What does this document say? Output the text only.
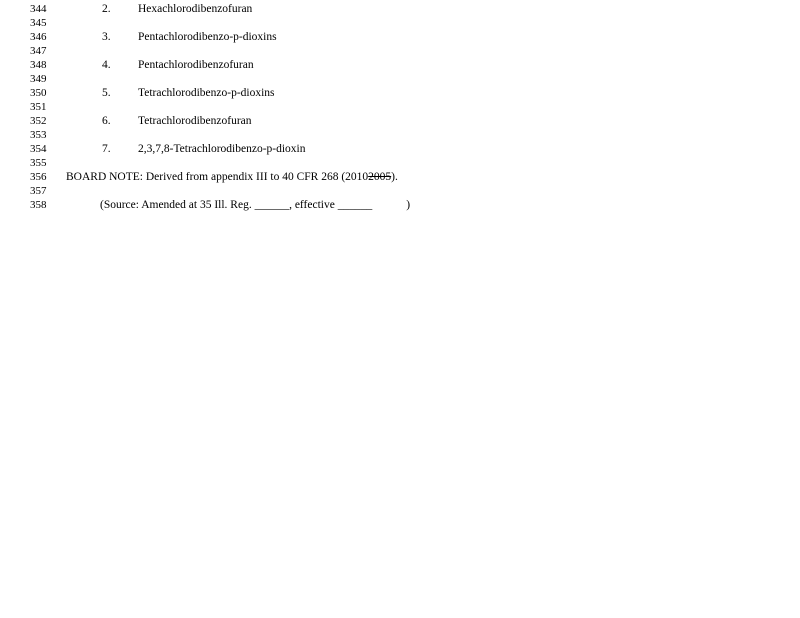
344	2. Hexachlorodibenzofuran
345
346	3. Pentachlorodibenzo-p-dioxins
347
348	4. Pentachlorodibenzofuran
349
350	5. Tetrachlorodibenzo-p-dioxins
351
352	6. Tetrachlorodibenzofuran
353
354	7. 2,3,7,8-Tetrachlorodibenzo-p-dioxin
355
356	BOARD NOTE: Derived from appendix III to 40 CFR 268 (20102005).
357
358	(Source: Amended at 35 Ill. Reg. ______, effective ______	)
